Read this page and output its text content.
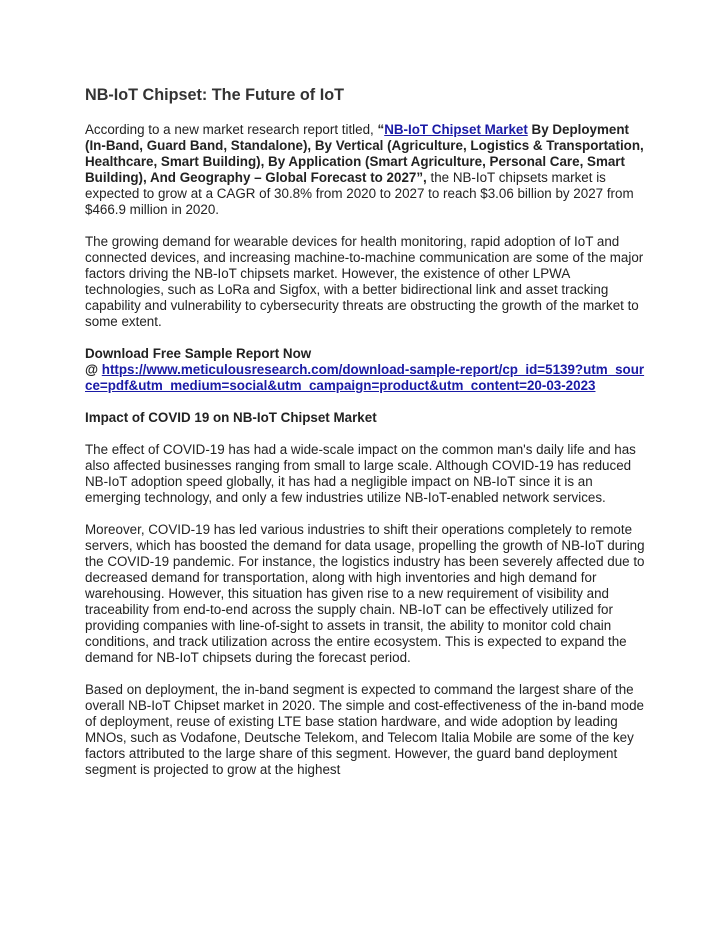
NB-IoT Chipset: The Future of IoT

According to a new market research report titled, “NB-IoT Chipset Market By Deployment (In-Band, Guard Band, Standalone), By Vertical (Agriculture, Logistics & Transportation, Healthcare, Smart Building), By Application (Smart Agriculture, Personal Care, Smart Building), And Geography – Global Forecast to 2027”, the NB-IoT chipsets market is expected to grow at a CAGR of 30.8% from 2020 to 2027 to reach $3.06 billion by 2027 from $466.9 million in 2020.

The growing demand for wearable devices for health monitoring, rapid adoption of IoT and connected devices, and increasing machine-to-machine communication are some of the major factors driving the NB-IoT chipsets market. However, the existence of other LPWA technologies, such as LoRa and Sigfox, with a better bidirectional link and asset tracking capability and vulnerability to cybersecurity threats are obstructing the growth of the market to some extent.

Download Free Sample Report Now
@ https://www.meticulousresearch.com/download-sample-report/cp_id=5139?utm_source=pdf&utm_medium=social&utm_campaign=product&utm_content=20-03-2023

Impact of COVID 19 on NB-IoT Chipset Market

The effect of COVID-19 has had a wide-scale impact on the common man's daily life and has also affected businesses ranging from small to large scale. Although COVID-19 has reduced NB-IoT adoption speed globally, it has had a negligible impact on NB-IoT since it is an emerging technology, and only a few industries utilize NB-IoT-enabled network services.

Moreover, COVID-19 has led various industries to shift their operations completely to remote servers, which has boosted the demand for data usage, propelling the growth of NB-IoT during the COVID-19 pandemic. For instance, the logistics industry has been severely affected due to decreased demand for transportation, along with high inventories and high demand for warehousing. However, this situation has given rise to a new requirement of visibility and traceability from end-to-end across the supply chain. NB-IoT can be effectively utilized for providing companies with line-of-sight to assets in transit, the ability to monitor cold chain conditions, and track utilization across the entire ecosystem. This is expected to expand the demand for NB-IoT chipsets during the forecast period.

Based on deployment, the in-band segment is expected to command the largest share of the overall NB-IoT Chipset market in 2020. The simple and cost-effectiveness of the in-band mode of deployment, reuse of existing LTE base station hardware, and wide adoption by leading MNOs, such as Vodafone, Deutsche Telekom, and Telecom Italia Mobile are some of the key factors attributed to the large share of this segment. However, the guard band deployment segment is projected to grow at the highest
